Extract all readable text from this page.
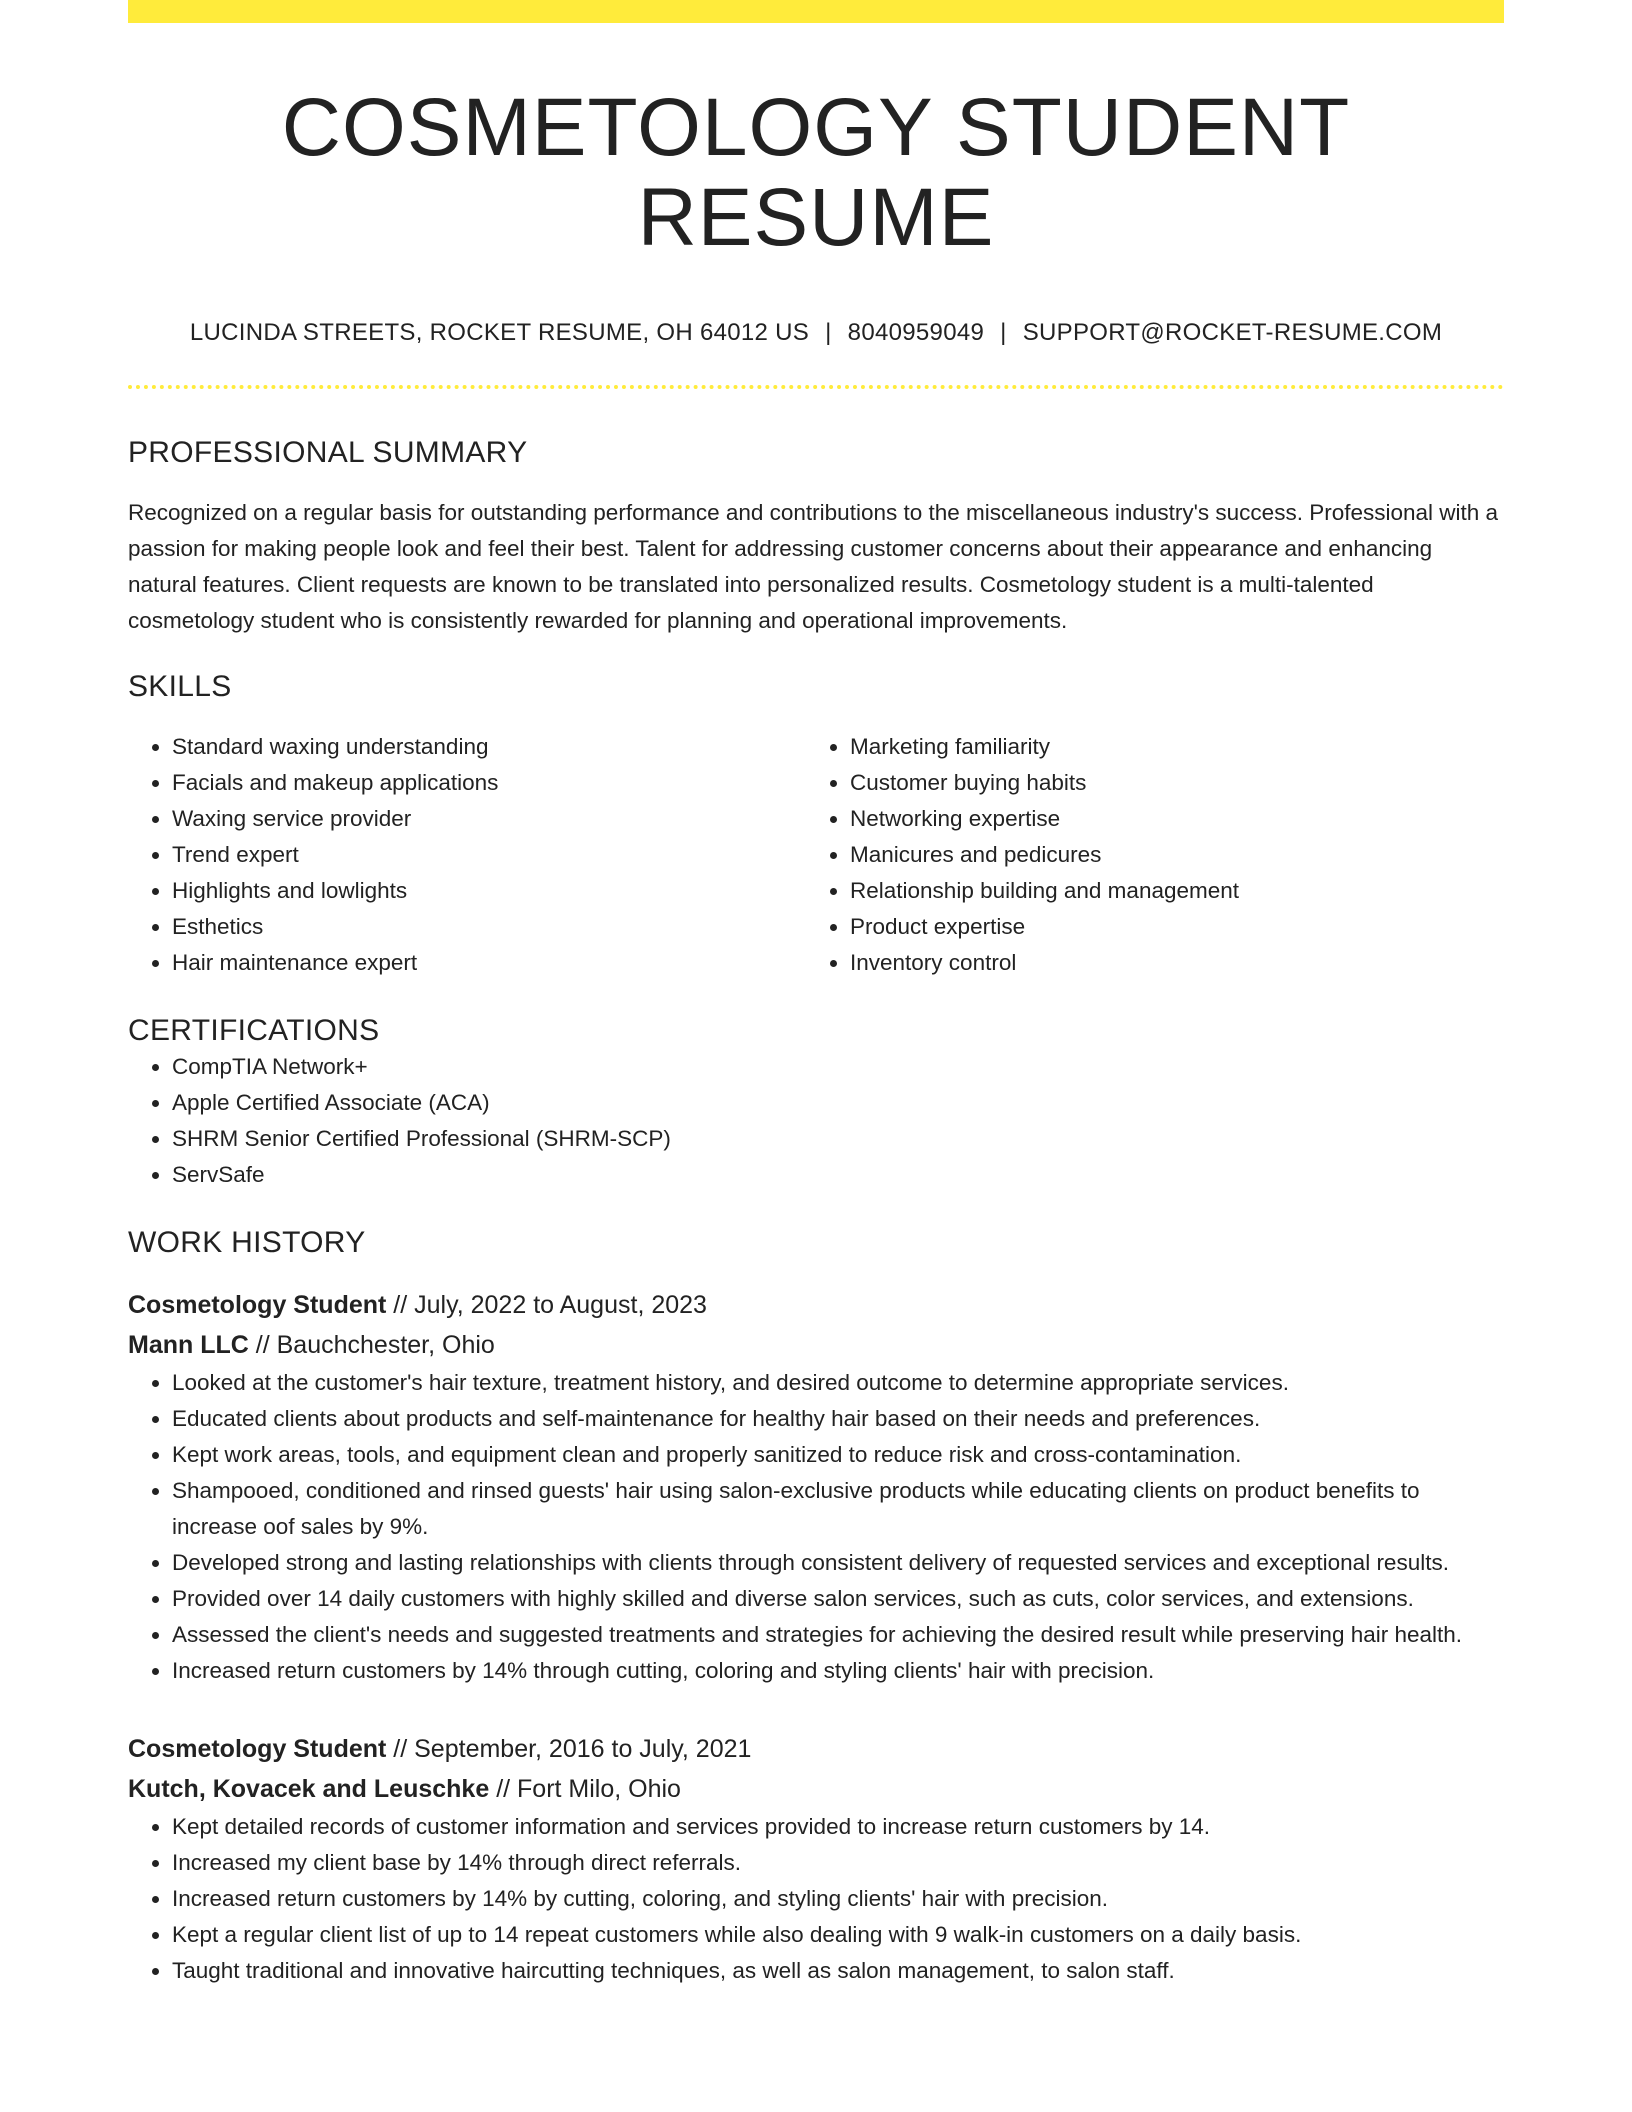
COSMETOLOGY STUDENT RESUME
LUCINDA STREETS, ROCKET RESUME, OH 64012 US | 8040959049 | SUPPORT@ROCKET-RESUME.COM
PROFESSIONAL SUMMARY

Recognized on a regular basis for outstanding performance and contributions to the miscellaneous industry's success. Professional with a passion for making people look and feel their best. Talent for addressing customer concerns about their appearance and enhancing natural features. Client requests are known to be translated into personalized results. Cosmetology student is a multi-talented cosmetology student who is consistently rewarded for planning and operational improvements.

SKILLS
• Standard waxing understanding
• Facials and makeup applications
• Waxing service provider
• Trend expert
• Highlights and lowlights
• Esthetics
• Hair maintenance expert
• Marketing familiarity
• Customer buying habits
• Networking expertise
• Manicures and pedicures
• Relationship building and management
• Product expertise
• Inventory control
CERTIFICATIONS
• CompTIA Network+
• Apple Certified Associate (ACA)
• SHRM Senior Certified Professional (SHRM-SCP)
• ServSafe
WORK HISTORY
Cosmetology Student // July, 2022 to August, 2023
Mann LLC // Bauchchester, Ohio
• Looked at the customer's hair texture, treatment history, and desired outcome to determine appropriate services.
• Educated clients about products and self-maintenance for healthy hair based on their needs and preferences.
• Kept work areas, tools, and equipment clean and properly sanitized to reduce risk and cross-contamination.
• Shampooed, conditioned and rinsed guests' hair using salon-exclusive products while educating clients on product benefits to increase oof sales by 9%.
• Developed strong and lasting relationships with clients through consistent delivery of requested services and exceptional results.
• Provided over 14 daily customers with highly skilled and diverse salon services, such as cuts, color services, and extensions.
• Assessed the client's needs and suggested treatments and strategies for achieving the desired result while preserving hair health.
• Increased return customers by 14% through cutting, coloring and styling clients' hair with precision.
Cosmetology Student // September, 2016 to July, 2021
Kutch, Kovacek and Leuschke // Fort Milo, Ohio
• Kept detailed records of customer information and services provided to increase return customers by 14.
• Increased my client base by 14% through direct referrals.
• Increased return customers by 14% by cutting, coloring, and styling clients' hair with precision.
• Kept a regular client list of up to 14 repeat customers while also dealing with 9 walk-in customers on a daily basis.
• Taught traditional and innovative haircutting techniques, as well as salon management, to salon staff.
